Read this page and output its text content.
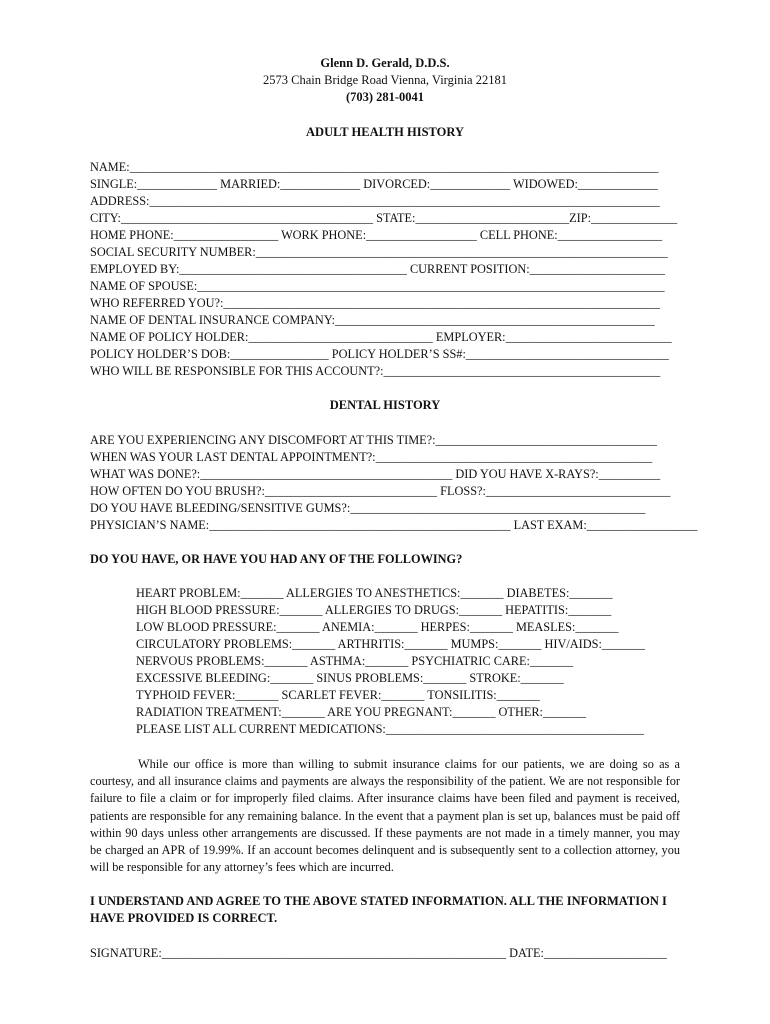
Glenn D. Gerald, D.D.S.
2573 Chain Bridge Road Vienna, Virginia 22181
(703) 281-0041
ADULT HEALTH HISTORY
NAME:______________________________________________________________________________________
SINGLE:_____________ MARRIED:_____________ DIVORCED:_____________ WIDOWED:_____________
ADDRESS:___________________________________________________________________________________
CITY:_________________________________________ STATE:_________________________ZIP:______________
HOME PHONE:_________________ WORK PHONE:__________________ CELL PHONE:_________________
SOCIAL SECURITY NUMBER:___________________________________________________________________
EMPLOYED BY:_____________________________________ CURRENT POSITION:______________________
NAME OF SPOUSE:____________________________________________________________________________
WHO REFERRED YOU?:_______________________________________________________________________
NAME OF DENTAL INSURANCE COMPANY:____________________________________________________
NAME OF POLICY HOLDER:______________________________ EMPLOYER:___________________________
POLICY HOLDER’S DOB:________________ POLICY HOLDER’S SS#:_________________________________
WHO WILL BE RESPONSIBLE FOR THIS ACCOUNT?:_____________________________________________
DENTAL HISTORY
ARE YOU EXPERIENCING ANY DISCOMFORT AT THIS TIME?:____________________________________
WHEN WAS YOUR LAST DENTAL APPOINTMENT?:_____________________________________________
WHAT WAS DONE?:_________________________________________ DID YOU HAVE X-RAYS?:__________
HOW OFTEN DO YOU BRUSH?:____________________________ FLOSS?:______________________________
DO YOU HAVE BLEEDING/SENSITIVE GUMS?:________________________________________________
PHYSICIAN’S NAME:_________________________________________________ LAST EXAM:__________________
DO YOU HAVE, OR HAVE YOU HAD ANY OF THE FOLLOWING?
HEART PROBLEM:_______ ALLERGIES TO ANESTHETICS:_______ DIABETES:_______
HIGH BLOOD PRESSURE:_______ ALLERGIES TO DRUGS:_______ HEPATITIS:_______
LOW BLOOD PRESSURE:_______ ANEMIA:_______ HERPES:_______ MEASLES:_______
CIRCULATORY PROBLEMS:_______ ARTHRITIS:_______ MUMPS:_______ HIV/AIDS:_______
NERVOUS PROBLEMS:_______ ASTHMA:_______ PSYCHIATRIC CARE:_______
EXCESSIVE BLEEDING:_______ SINUS PROBLEMS:_______ STROKE:_______
TYPHOID FEVER:_______ SCARLET FEVER:_______ TONSILITIS:_______
RADIATION TREATMENT:_______ ARE YOU PREGNANT:_______ OTHER:_______
PLEASE LIST ALL CURRENT MEDICATIONS:__________________________________________
While our office is more than willing to submit insurance claims for our patients, we are doing so as a courtesy, and all insurance claims and payments are always the responsibility of the patient. We are not responsible for failure to file a claim or for improperly filed claims. After insurance claims have been filed and payment is received, patients are responsible for any remaining balance. In the event that a payment plan is set up, balances must be paid off within 90 days unless other arrangements are discussed. If these payments are not made in a timely manner, you may be charged an APR of 19.99%. If an account becomes delinquent and is subsequently sent to a collection attorney, you will be responsible for any attorney’s fees which are incurred.
I UNDERSTAND AND AGREE TO THE ABOVE STATED INFORMATION. ALL THE INFORMATION I HAVE PROVIDED IS CORRECT.
SIGNATURE:________________________________________________________ DATE:____________________
